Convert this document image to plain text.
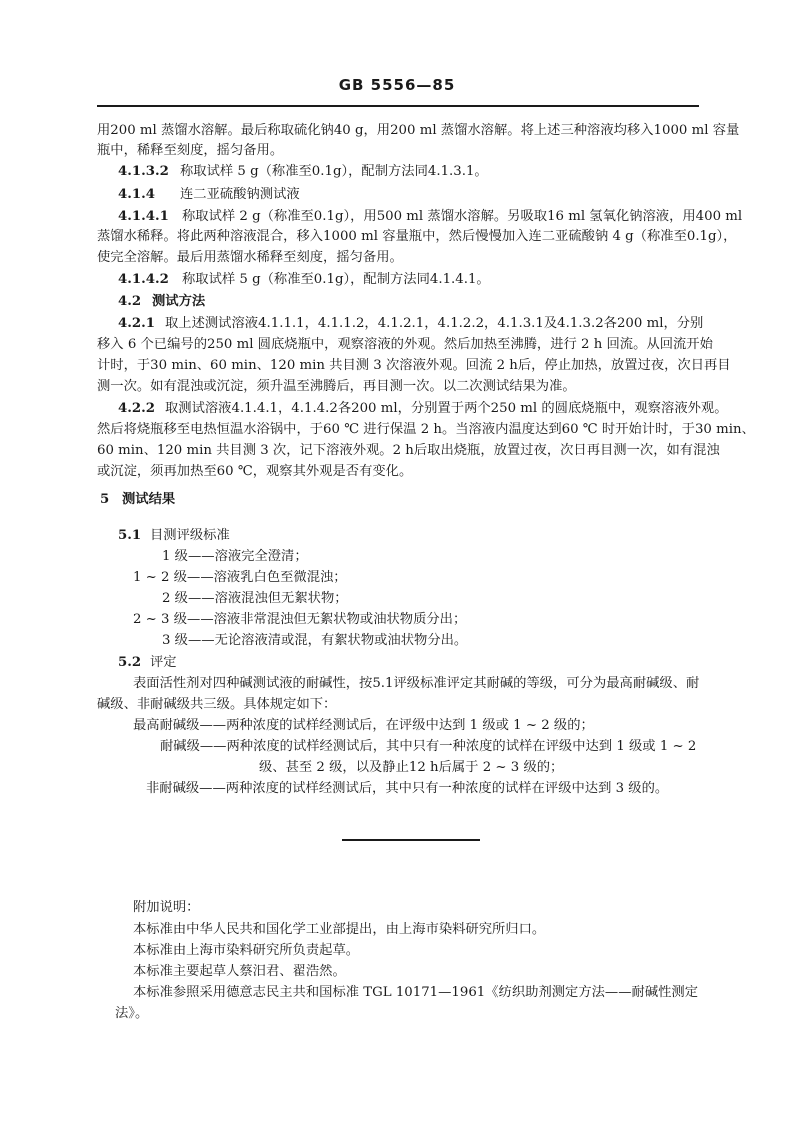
GB 5556—85
用200 ml 蒸馏水溶解。最后称取硫化钠40 g，用200 ml 蒸馏水溶解。将上述三种溶液均移入1000 ml 容量
瓶中，稀释至刻度，摇匀备用。
4.1.3.2 称取试样 5 g（称准至0.1g），配制方法同4.1.3.1。
4.1.4 连二亚硫酸钠测试液
4.1.4.1 称取试样 2 g（称准至0.1g），用500 ml 蒸馏水溶解。另吸取16 ml 氢氧化钠溶液，用400 ml
蒸馏水稀释。将此两种溶液混合，移入1000 ml 容量瓶中，然后慢慢加入连二亚硫酸钠 4 g（称准至0.1g），
使完全溶解。最后用蒸馏水稀释至刻度，摇匀备用。
4.1.4.2 称取试样 5 g（称准至0.1g），配制方法同4.1.4.1。
4.2 测试方法
4.2.1 取上述测试溶液4.1.1.1，4.1.1.2，4.1.2.1，4.1.2.2，4.1.3.1及4.1.3.2各200 ml，分别
移入 6 个已编号的250 ml 圆底烧瓶中，观察溶液的外观。然后加热至沸腾，进行 2 h 回流。从回流开始
计时，于30 min、60 min、120 min 共目测 3 次溶液外观。回流 2 h后，停止加热，放置过夜，次日再目
测一次。如有混浊或沉淀，须升温至沸腾后，再目测一次。以二次测试结果为准。
4.2.2 取测试溶液4.1.4.1，4.1.4.2各200 ml，分别置于两个250 ml 的圆底烧瓶中，观察溶液外观。
然后将烧瓶移至电热恒温水浴锅中，于60 ℃ 进行保温 2 h。当溶液内温度达到60 ℃ 时开始计时，于30 min、
60 min、120 min 共目测 3 次，记下溶液外观。2 h后取出烧瓶，放置过夜，次日再目测一次，如有混浊
或沉淀，须再加热至60 ℃，观察其外观是否有变化。
5 测试结果
5.1 目测评级标准
1 级——溶液完全澄清；
1 ~ 2 级——溶液乳白色至微混浊；
2 级——溶液混浊但无絮状物；
2 ~ 3 级——溶液非常混浊但无絮状物或油状物质分出；
3 级——无论溶液清或混，有絮状物或油状物分出。
5.2 评定
表面活性剂对四种碱测试液的耐碱性，按5.1评级标准评定其耐碱的等级，可分为最高耐碱级、耐
碱级、非耐碱级共三级。具体规定如下：
最高耐碱级——两种浓度的试样经测试后，在评级中达到 1 级或 1 ~ 2 级的；
耐碱级——两种浓度的试样经测试后，其中只有一种浓度的试样在评级中达到 1 级或 1 ~ 2
级、甚至 2 级，以及静止12 h后属于 2 ~ 3 级的；
非耐碱级——两种浓度的试样经测试后，其中只有一种浓度的试样在评级中达到 3 级的。
附加说明：
本标准由中华人民共和国化学工业部提出，由上海市染料研究所归口。
本标准由上海市染料研究所负责起草。
本标准主要起草人蔡汨君、翟浩然。
本标准参照采用德意志民主共和国标准 TGL 10171—1961《纺织助剂测定方法——耐碱性测定
法》。
